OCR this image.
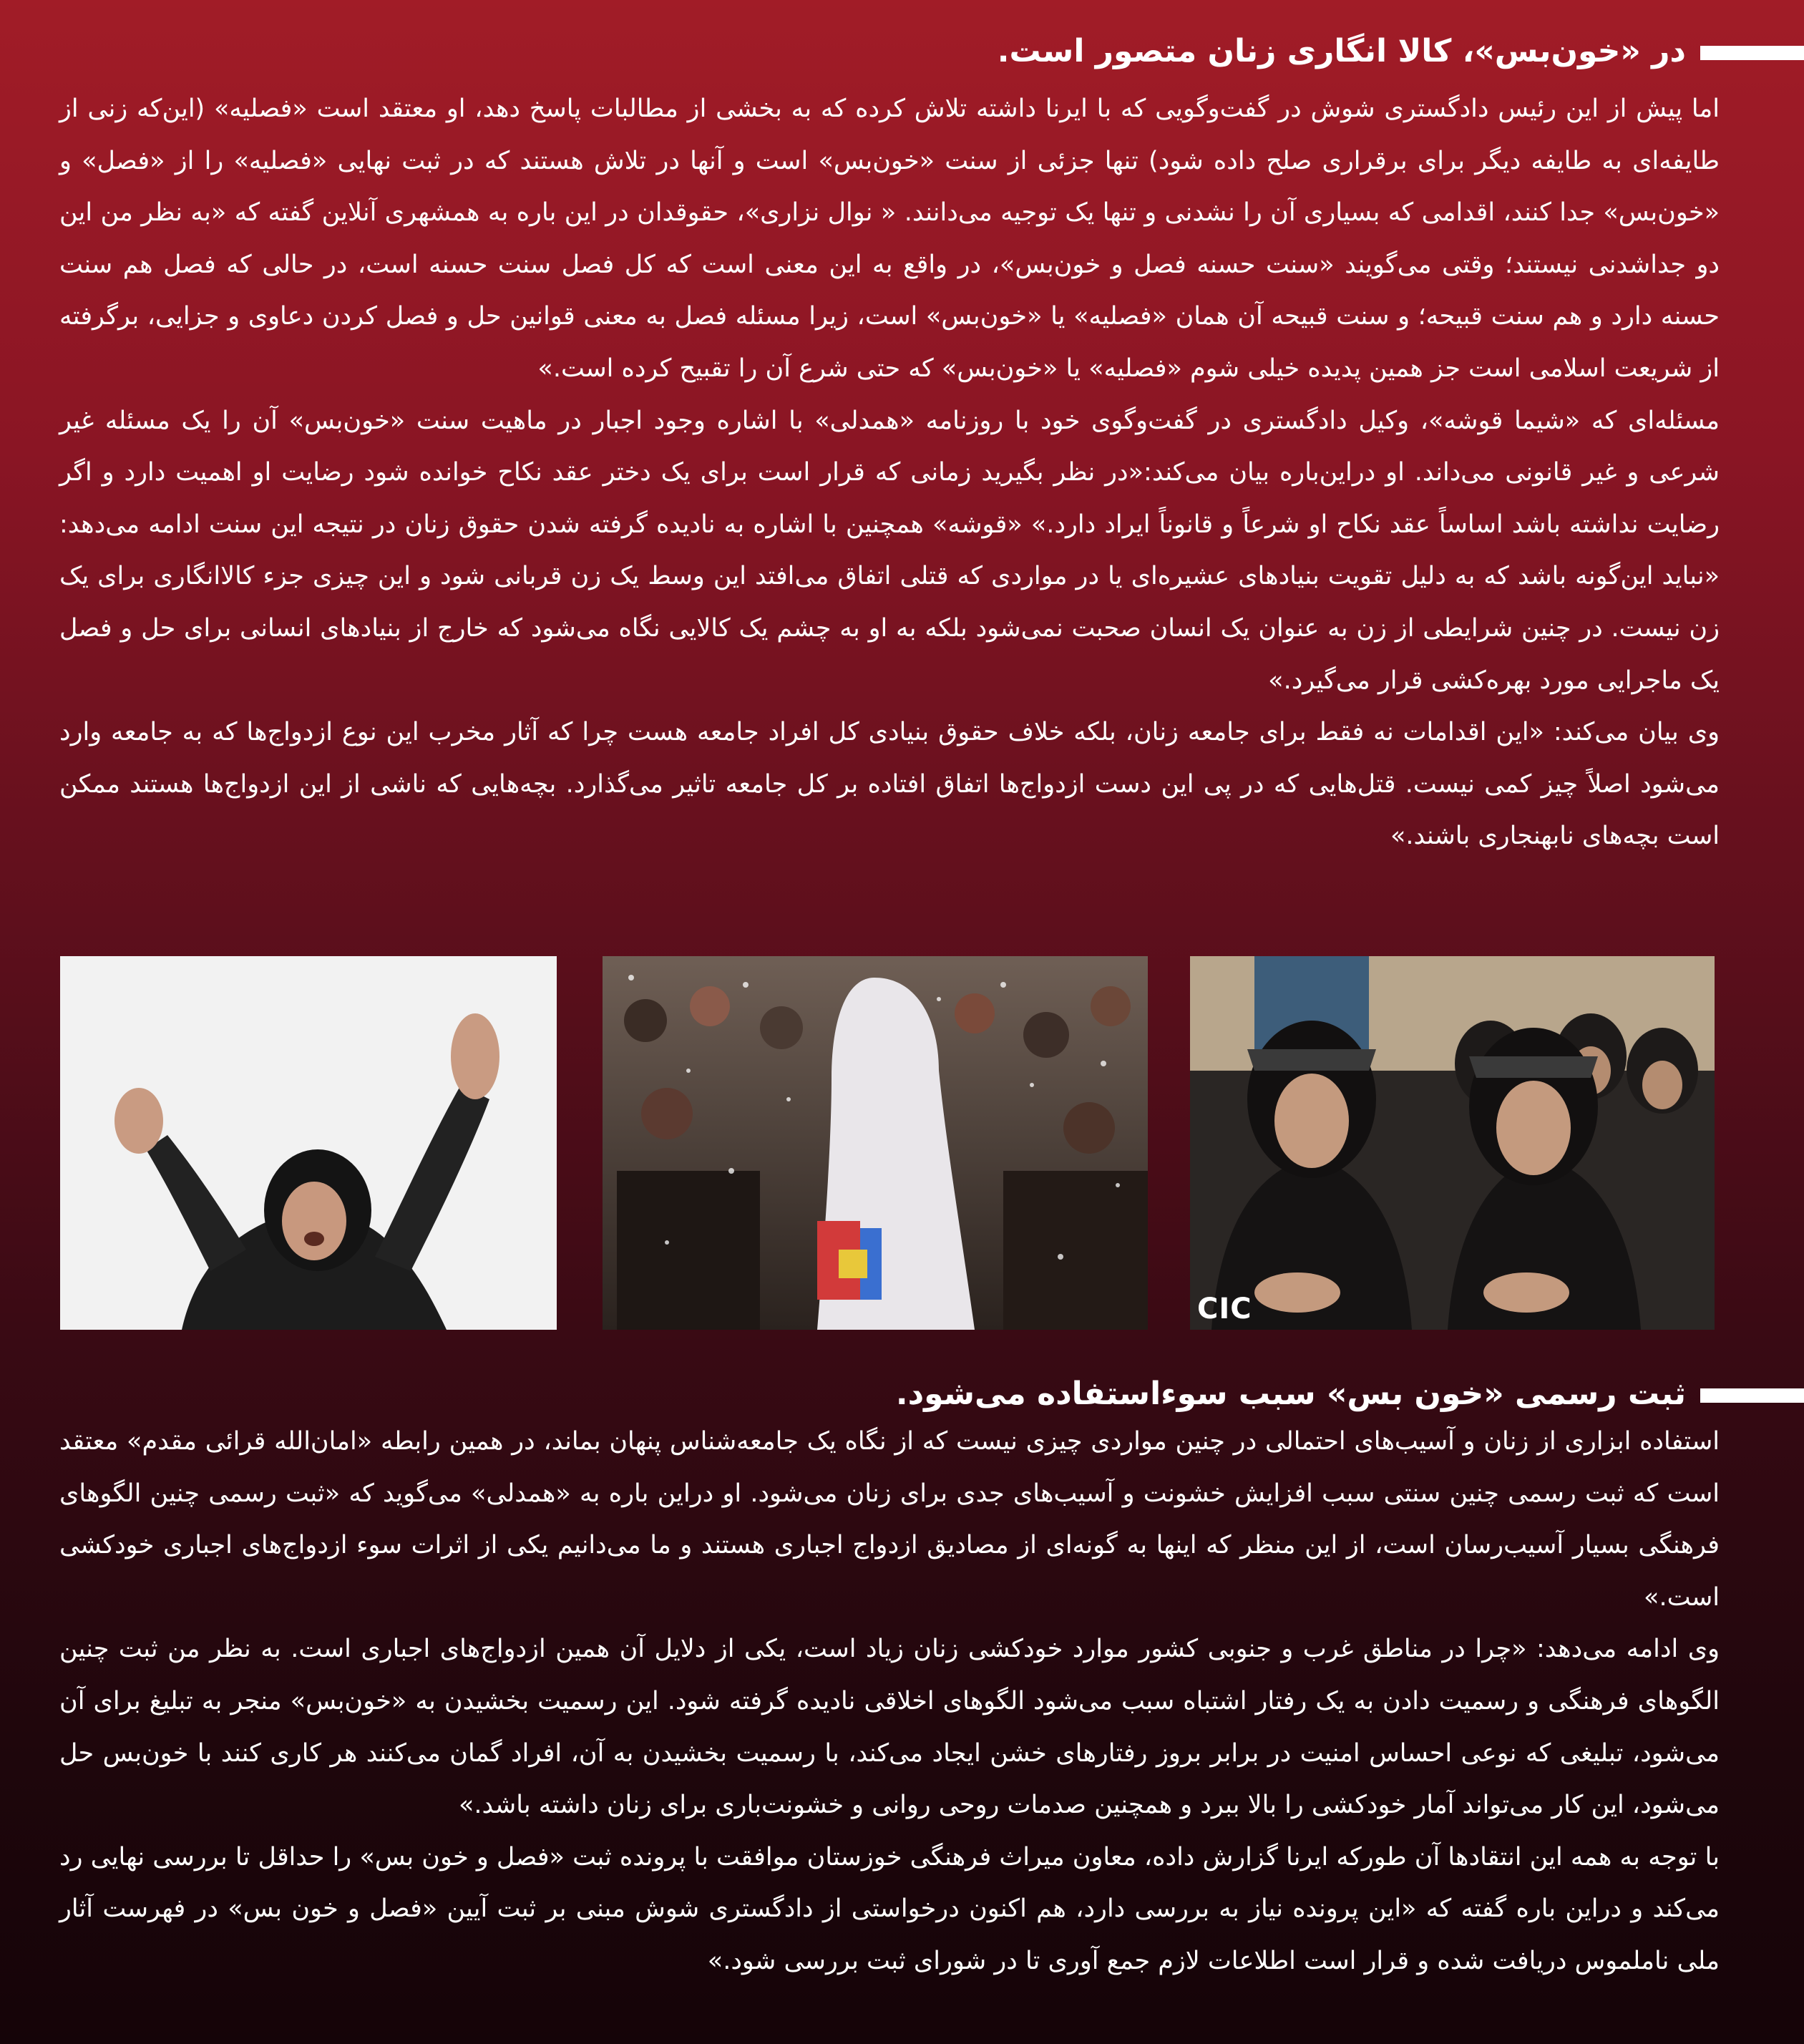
در «خون‌بس»، کالا انگاری زنان متصور است.

اما پیش از این رئیس دادگستری شوش در گفت‌وگویی که با ایرنا داشته تلاش کرده که به بخشی از مطالبات پاسخ دهد، او معتقد است «فصلیه» (این‌که زنی از طایفه‌ای به طایفه دیگر برای برقراری صلح داده شود) تنها جزئی از سنت «خون‌بس» است و آنها در تلاش هستند که در ثبت نهایی «فصلیه» را از «فصل» و «خون‌بس» جدا کنند، اقدامی که بسیاری آن را نشدنی و تنها یک توجیه می‌دانند. « نوال نزاری»، حقوقدان در این باره به همشهری آنلاین گفته که «به نظر من این دو جداشدنی نیستند؛ وقتی می‌گویند «سنت حسنه فصل و خون‌بس»، در واقع به این معنی است که کل فصل سنت حسنه است، در حالی که فصل هم سنت حسنه دارد و هم سنت قبیحه؛ و سنت قبیحه آن همان «فصلیه» یا «خون‌بس» است، زیرا مسئله فصل به معنی قوانین حل و فصل کردن دعاوی و جزایی، برگرفته از شریعت اسلامی است جز همین پدیده خیلی شوم «فصلیه» یا «خون‌بس» که حتی شرع آن را تقبیح کرده است.»

مسئله‌ای که «شیما قوشه»، وکیل دادگستری در گفت‌وگوی خود با روزنامه «همدلی» با اشاره وجود اجبار در ماهیت سنت «خون‌بس» آن را یک مسئله غیر شرعی و غیر قانونی می‌داند. او دراین‌باره بیان می‌کند:«در نظر بگیرید زمانی که قرار است برای یک دختر عقد نکاح خوانده شود رضایت او اهمیت دارد و اگر رضایت نداشته باشد اساساً عقد نکاح او شرعاً و قانوناً ایراد دارد.» «قوشه» همچنین با اشاره به نادیده گرفته شدن حقوق زنان در نتیجه این سنت ادامه می‌دهد: «نباید این‌گونه باشد که به دلیل تقویت بنیادهای عشیره‌ای یا در مواردی که قتلی اتفاق می‌افتد این وسط یک زن قربانی شود و این چیزی جزء کالاانگاری برای یک زن نیست. در چنین شرایطی از زن به عنوان یک انسان صحبت نمی‌شود بلکه به او به چشم یک کالایی نگاه می‌شود که خارج از بنیادهای انسانی برای حل و فصل یک ماجرایی مورد بهره‌کشی قرار می‌گیرد.»

وی بیان می‌کند: «این اقدامات نه فقط برای جامعه زنان، بلکه خلاف حقوق بنیادی کل افراد جامعه هست چرا که آثار مخرب این نوع ازدواج‌ها که به جامعه وارد می‌شود اصلاً چیز کمی نیست. قتل‌هایی که در پی این دست ازدواج‌ها اتفاق افتاده بر کل جامعه تاثیر می‌گذارد. بچه‌هایی که ناشی از این ازدواج‌ها هستند ممکن است بچه‌های نابهنجاری باشند.»

CIC
ثبت رسمی «خون بس» سبب سوءاستفاده می‌شود.

استفاده ابزاری از زنان و آسیب‌های احتمالی در چنین مواردی چیزی نیست که از نگاه یک جامعه‌شناس پنهان بماند، در همین رابطه «امان‌الله قرائی مقدم» معتقد است که ثبت رسمی چنین سنتی سبب افزایش خشونت و آسیب‌های جدی برای زنان می‌شود. او دراین باره به «همدلی» می‌گوید که «ثبت رسمی چنین الگوهای فرهنگی بسیار آسیب‌رسان است، از این منظر که اینها به گونه‌ای از مصادیق ازدواج اجباری هستند و ما می‌دانیم یکی از اثرات سوء ازدواج‌های اجباری خودکشی است.»

وی ادامه می‌دهد: «چرا در مناطق غرب و جنوبی کشور موارد خودکشی زنان زیاد است، یکی از دلایل آن همین ازدواج‌های اجباری است. به نظر من ثبت چنین الگوهای فرهنگی و رسمیت دادن به یک رفتار اشتباه سبب می‌شود الگوهای اخلاقی نادیده گرفته شود. این رسمیت بخشیدن به «خون‌بس» منجر به تبلیغ برای آن می‌شود، تبلیغی که نوعی احساس امنیت در برابر بروز رفتارهای خشن ایجاد می‌کند، با رسمیت بخشیدن به آن، افراد گمان می‌کنند هر کاری کنند با خون‌بس حل می‌شود، این کار می‌تواند آمار خودکشی را بالا ببرد و همچنین صدمات روحی روانی و خشونت‌باری برای زنان داشته باشد.»

با توجه به همه این انتقادها آن طورکه ایرنا گزارش داده، معاون میراث فرهنگی خوزستان موافقت با پرونده ثبت «فصل و خون بس» را حداقل تا بررسی نهایی رد می‌کند و دراین باره گفته که «این پرونده نیاز به بررسی دارد، هم اکنون درخواستی از دادگستری شوش مبنی بر ثبت آیین «فصل و خون بس» در فهرست آثار ملی ناملموس دریافت شده و قرار است اطلاعات لازم جمع آوری تا در شورای ثبت بررسی شود.»
